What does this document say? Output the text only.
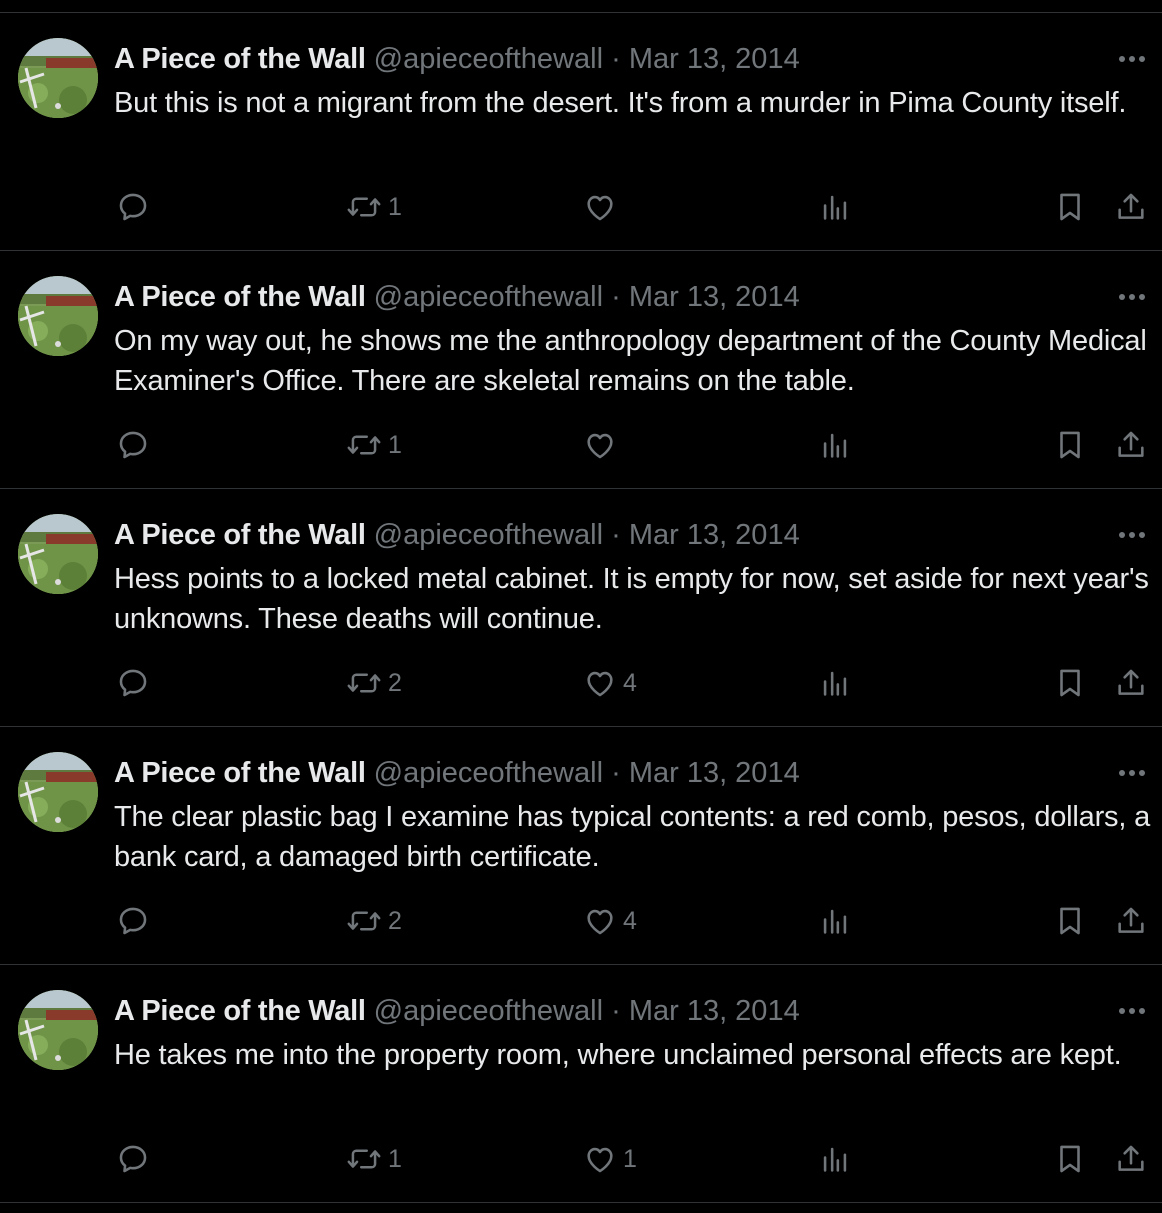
A Piece of the Wall @apieceofthewall · Mar 13, 2014
But this is not a migrant from the desert. It's from a murder in Pima County itself.
1
A Piece of the Wall @apieceofthewall · Mar 13, 2014
On my way out, he shows me the anthropology department of the County Medical Examiner's Office. There are skeletal remains on the table.
1
A Piece of the Wall @apieceofthewall · Mar 13, 2014
Hess points to a locked metal cabinet. It is empty for now, set aside for next year's unknowns. These deaths will continue.
2	4
A Piece of the Wall @apieceofthewall · Mar 13, 2014
The clear plastic bag I examine has typical contents: a red comb, pesos, dollars, a bank card, a damaged birth certificate.
2	4
A Piece of the Wall @apieceofthewall · Mar 13, 2014
He takes me into the property room, where unclaimed personal effects are kept.
1	1
